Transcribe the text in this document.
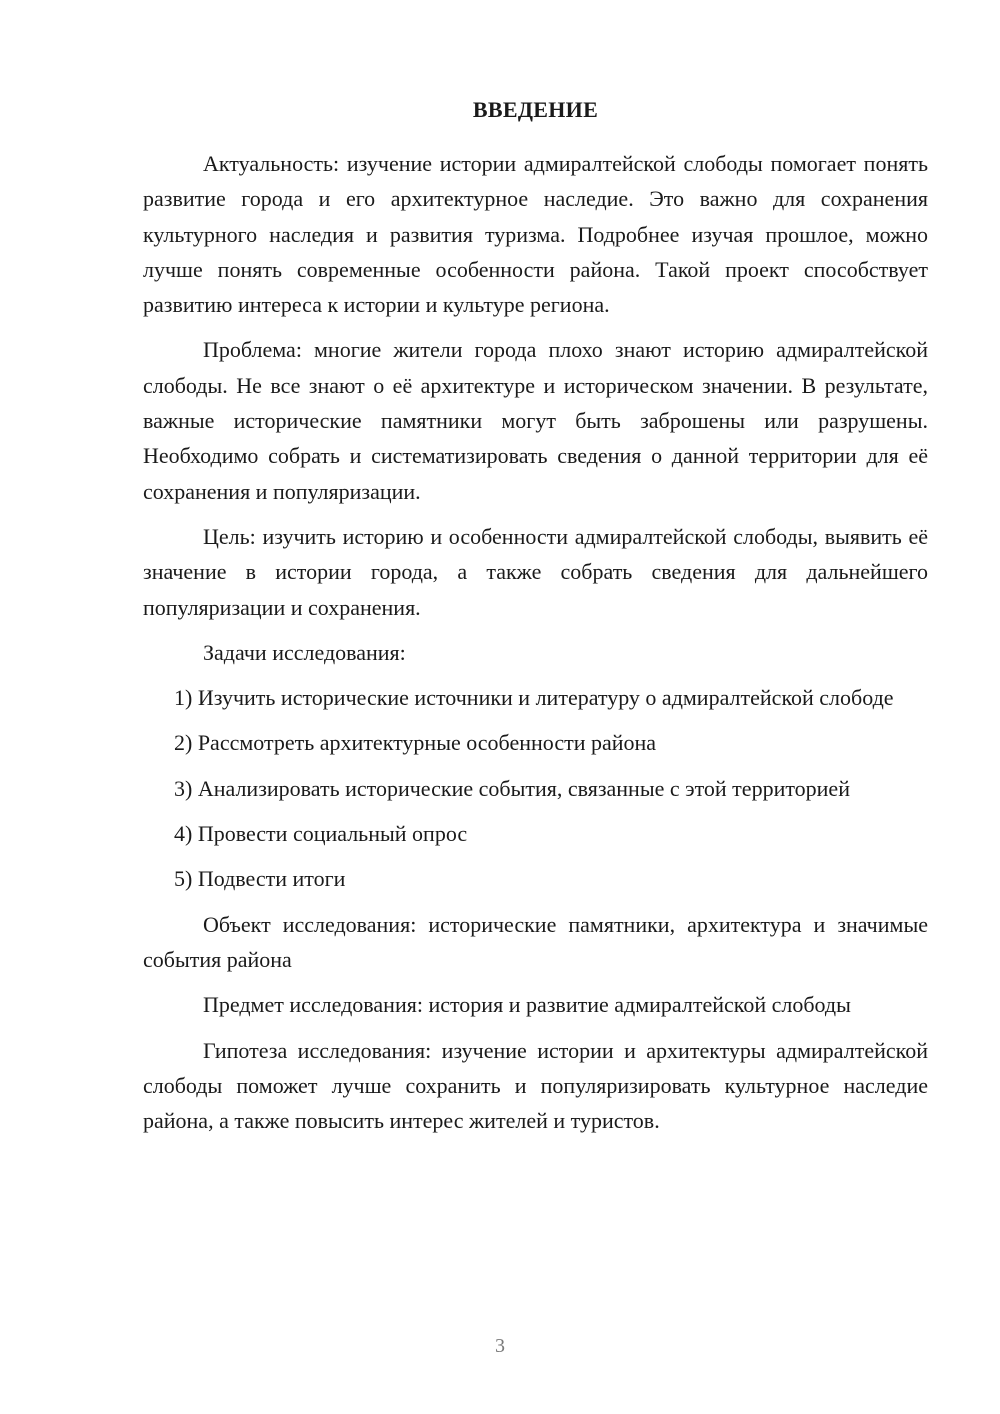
ВВЕДЕНИЕ

Актуальность: изучение истории адмиралтейской слободы помогает понять развитие города и его архитектурное наследие. Это важно для сохранения культурного наследия и развития туризма. Подробнее изучая прошлое, можно лучше понять современные особенности района. Такой проект способствует развитию интереса к истории и культуре региона.

Проблема: многие жители города плохо знают историю адмиралтейской слободы. Не все знают о её архитектуре и историческом значении. В результате, важные исторические памятники могут быть заброшены или разрушены. Необходимо собрать и систематизировать сведения о данной территории для её сохранения и популяризации.

Цель: изучить историю и особенности адмиралтейской слободы, выявить её значение в истории города, а также собрать сведения для дальнейшего популяризации и сохранения.

Задачи исследования:

1) Изучить исторические источники и литературу о адмиралтейской слободе

2) Рассмотреть архитектурные особенности района

3) Анализировать исторические события, связанные с этой территорией

4) Провести социальный опрос

5) Подвести итоги

Объект исследования: исторические памятники, архитектура и значимые события района

Предмет исследования: история и развитие адмиралтейской слободы

Гипотеза исследования: изучение истории и архитектуры адмиралтейской слободы поможет лучше сохранить и популяризировать культурное наследие района, а также повысить интерес жителей и туристов.

3
